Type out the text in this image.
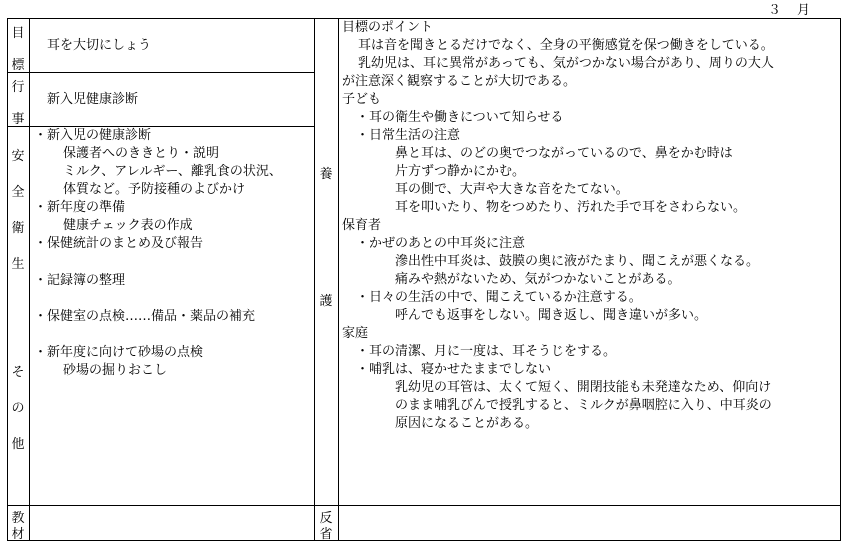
３ 月
目
標
耳を大切にしょう
行
事
新入児健康診断
安
全
衛
生
そ
の
他
・新入児の健康診断
保護者へのききとり・説明
ミルク、アレルギー、離乳食の状況、
体質など。予防接種のよびかけ
・新年度の準備
健康チェック表の作成
・保健統計のまとめ及び報告
・記録簿の整理
・保健室の点検……備品・薬品の補充
・新年度に向けて砂場の点検
砂場の掘りおこし
教
材
養
護
目標のポイント
耳は音を聞きとるだけでなく、全身の平衡感覚を保つ働きをしている。
乳幼児は、耳に異常があっても、気がつかない場合があり、周りの大人
が注意深く観察することが大切である。
子ども
・耳の衛生や働きについて知らせる
・日常生活の注意
鼻と耳は、のどの奥でつながっているので、鼻をかむ時は
片方ずつ静かにかむ。
耳の側で、大声や大きな音をたてない。
耳を叩いたり、物をつめたり、汚れた手で耳をさわらない。
保育者
・かぜのあとの中耳炎に注意
滲出性中耳炎は、鼓膜の奥に液がたまり、聞こえが悪くなる。
痛みや熱がないため、気がつかないことがある。
・日々の生活の中で、聞こえているか注意する。
呼んでも返事をしない。聞き返し、聞き違いが多い。
家庭
・耳の清潔、月に一度は、耳そうじをする。
・哺乳は、寝かせたままでしない
乳幼児の耳管は、太くて短く、開閉技能も未発達なため、仰向け
のまま哺乳びんで授乳すると、ミルクが鼻咽腔に入り、中耳炎の
原因になることがある。
反
省
